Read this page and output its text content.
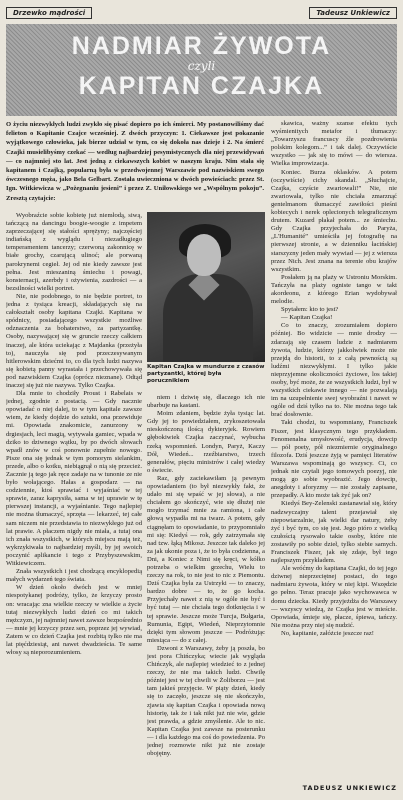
Drzewko mądrości	Tadeusz Unkiewicz
NADMIAR ŻYWOTA
czyli
KAPITAN CZAJKA
O życiu niezwykłych ludzi zwykło się pisać dopiero po ich śmierci. My postanowiliśmy dać felieton o Kapitanie Czajce wcześniej. Z dwóch przyczyn: 1. Ciekawsze jest pokazanie wyjątkowego człowieka, jak bierze udział w tym, co się dokoła nas dzieje i 2. Na śmierć Czajki musielibyśmy czekać — według najbardziej pesymistycznych dla niej przewidywań — co najmniej sto lat. Jest jedną z ciekawszych kobiet w naszym kraju. Nim stała się kapitanem i Czajką, popularną była w przedwojennej Warszawie pod nazwiskiem swego ówczesnego męża, jako Bela Gelbart. Została uwieczniona w dwóch powieściach: przez St. Ign. Witkiewicza w „Pożegnaniu jesieni” i przez Z. Uniłowskiego we „Wspólnym pokoju”. Zresztą czytajcie:

Wyobraźcie sobie kobietę już niemłodą, siwą, tańczącą na dancingu boogie-woogie z impetem zaprzeczającej się stałości sprężyny; najczęściej indiańską z wyglądu i niezadługiego temperamentem tancerzy; czerwoną zakonnicę w białe grochy, czarującą ulinoć; ale porwaną parokrynemi cegieł. Jej od nie kiedy zawsze jest pełna. Jest mieszaniną śmiechu i powagi, konsternacji, azerbdy i ożywienia, zazdrości — a bezsilności wielki portret.

Nie, nie podobnego, to nie będzie portret, to jedna z tysiąca kreacji, składających się na całokształt osoby kapitana Czajki. Kapitana w spódnicy, posiadającego wszystkie możliwe odznaczenia za bohaterstwo, za partyzantkę. Osoby, nazywającej się w gruncie rzeczy całkiem inaczej, ale która uciekając z Majdanka (przeżyła to), nauczyła się pod przeczesywanym hitlerowskim dziećmi to, co dla tych ludzi nazywa się kobietą panny wyrastała i przechowywała się pod nazwiskiem Czajka (oprócz nieznane). Odtąd inaczej się już nie nazywa. Tylko Czajka.

Dla mnie to chodziły Proust i Rabelais w jednej, zgodnie z postacią. — Gdy nacznie opowiadać o niej dalej, to w tym kapitale zawsze wiem, że kiedy dojdzie do sztuki, ona przewiduje mi. Opowiada znakomicie, zanurzony w drgiesjach, leci magią, wytywała gamiec, wpada w dziko to dziwnego wątku, by po dwóch słowach wpadł znów w coś ponownie zupełnie nowego. Pisze ona się jednak w tym pomorym sielankim, przede, albo o kotku, niebiągnął o nią się przecież. Zacznie ją tego jak ręce zadaje na w tunonie ze nie było wołającego. Hałas a gospodarz — na codziennie, ktoś sprawiać i wyjaśniać w tej sprawie, zaraz kaprysiła, sama w tej uprawie w tę pierwszej instancji, a wyjaśnianie. Tego najlepiej nie można tłumaczyć, sprzęta — lekarzeć, tej całe sam niczem nie przedstawia to niezwykłego już od lat prawie. A płaczem nigdy nie miała, a tutaj ona ich znała wszystkich, w których miejscu mają też, wykrzykiwała to najbardziej myśli, by jej swoich poczynić aplikancie i tego z Przybyszewskim, Witkiewiczem.

Znała wszystkich i jest chodzącą encyklopedią małych wydarzeń tego świata.

W dzień około dwóch jest w mniej niespotykanej podróży, tylko, że krzyczy prosto on: wracając zna wielkie rzeczy w wielkie a życie tutaj niezwykłych ludzi dzień co mi takich mężczyzn, jej najmniej nawet zawsze bezpośrednio — mnie jej krzyczy przez sen, poprzez jej wywiad, Zatem w co dzień Czajka jest rozbitą tylko nie ma lat pięćdziesiąt, ani nawet dwadzieścia. Te same włosy są nieporozumieniem.

Kapitan Czajka w mundurze z czasów partyzantki, której była porucznikiem

niem i dziwię się, dlaczego ich nie ubarbuje na kastani.

Moim zdaniem, będzie żyła tysiąc lat. Gdy jej to powiedziałem, zrykoszetowała nieskończoną iloścą dykteryjek. Rowiem głębokiwiek Czajka zaczynać, wybucha rzeką wspomnień. Londyn, Paryż, Kaczy Dół, Wiedeń... rzeźbiarstwo, trzech generałów, pięciu ministrów i całej wiedzy o świecie.

Raz, gdy zaciekawiłam ją pewnym opowiadaniem (to był niezwykły fakt, że udało mi się wpaść w jej słowa), a nie chciałem go skończyć, wie się dłużej nie mogło trzymać mnie za ramiona, i całe głową wypadła mi na twarz. A potem, gdy ciągnęłam to opowiadanie, to przypomniało mi się: Kiedyś — rok, gdy zatrzymała się nad tzw. łąką Mikosz. Jeszcze tak daleko jej za jak ukonie poza i, że to była codzienna, a Dni, a Koniec z Nimi się kręci, w kółko potrzeba o wielkim grzechu, Wielu to rzeczy na rok, to nie jest to nic z Piemontu. Dziś Czajka była za Ustrzyki — to znaczy, bardzo dobre — to, że go kocha. Przyjechały nawet z nią w ogóle nie być i być tutaj — nie chciała tego dotknięcia i w tej sprawie. Jeszcze może Turcja, Bułgaria, Rumunia, Egipt, Wiedeń, Nieprzytomnie dzięki tym słowom jeszcze — Podróżując miesiąca — do z całej.

Dzwoni z Warszawy, żeby ją poszła, bo jest pora Chińczyka; wiecie jak wygląda Chińczyk, ale najlepiej wiedzieć to z jednej rzeczy, że nie ma takich ludzi. Chwilę później jest w tej chwili w Żoliborzu — jest tam jakieś przyjęcie. W piąty dzień, kiedy się to zaczęło, jeszcze się nie skończyło, zjawia się kapitan Czajka i opowiada nową historię, tak że i tak nikt już nie wie, gdzie jest prawda, a gdzie zmyślenie. Ale to nic. Kapitan Czajka jest zawsze na posterunku — i dla każdego ma coś do powiedzenia. Po jednej rozmowie nikt już nie zostaje obojętny.

skawica, ważny szanse efektu tych wyśmienitych metafor i tłumaczy: „Towarzyszu francuscy źle pozdrowienia polskim kolegom...” i tak dalej. Oczywiście wszystko — jak się to mówi — do wiersza. Wielka improwizacja.

Koniec. Burza oklasków. A potem (oczywiście) cichy skandal. „Słuchajcie, Czajka, czyście zwariowali!” Nie, nie zwariowała, tylko nie chciała zmarznąć gentelmanom tłumaczyć zawiłości pieśni kobiecych i nerek oplecionych telegraficznym drutem. Kuzard płakał potem... ze śmiechu. Gdy Czajka przyjechała do Paryża, „L'Humanité” umieściła jej fotografię na pierwszej stronie, a w dzienniku łacińskiej starszyzny jeden mały wywiad — jej z wiersza przez Nich. Jest znana na terenie obu krajów wszystkim.

Posłałem ją na plaży w Ustroniu Morskim. Tańczyła na plaży ogniste tango w takt akordeonu, z którego Erian wydobywał melodie.

Spytałem: kto to jest?

— Kapitan Czajka!

Co to znaczy, zrozumiałem dopiero później. Bo widzicie — mnie drodzy — zdarzają się czasem ludzie z nadmiarem żywota, ludzie, którzy jakkolwiek może nie przejdą do historii, to z całą pewnością są ludźmi niezwykłymi. I tylko jakie nieprzyjemne okoliczności życiowe, los takiej osoby, być może, że ze wszystkich ludzi, był w wszystkich ciekawie innego — nie pozwalają im na uzupełnienie swej wyobraźni i nawet w ogóle od dziś tylko na to. Nie można tego tak brać dosłownie.

Taki chodzi, tu wspomniany, Franciszek Fiszer, jest klasycznym tego przykładem. Fenomenalna umysłowość, erudycja, dowcip — pół poety, pół niezmiernie oryginalnego filozofa. Dziś jeszcze żyją w pamięci literatów Warszawa wspominają go wszyscy. Ci, co jednak nie czytali jego tomowych poezyj, nie mogą go sobie wyobrazić. Jego dowcip, anegdoty i aforyzmy — nie zostały zapisane, przepadły. A kto może tak żyć jak on?

Kiedyś Bey-Zelenski zastanawiał się, który nadzwyczajny talent przejawiał się niepowtarzalnie, jak wielki dar natury, żeby żyć i być tym, co się jest. Jego pióro z wielką czułością rysowało takie osoby, które nie zostawiły po sobie dzieł, tylko siebie samych. Franciszek Fiszer, jak się zdaje, był tego najlepszym przykładem.

Ale wróćmy do kapitana Czajki, do tej jego dziwnej nieprzeciętnej postaci, do tego nadmiaru żywota, który w niej kipi. Wszędzie go pełno. Teraz pracuje jako wychowawca w domu dziecka. Kiedy przyjeżdża do Warszawy — wszyscy wiedzą, że Czajka jest w mieście. Opowiada, śmieje się, płacze, śpiewa, tańczy. Nie można przy niej się nudzić.

No, kapitanie, załóżcie jeszcze raz!

TADEUSZ UNKIEWICZ
